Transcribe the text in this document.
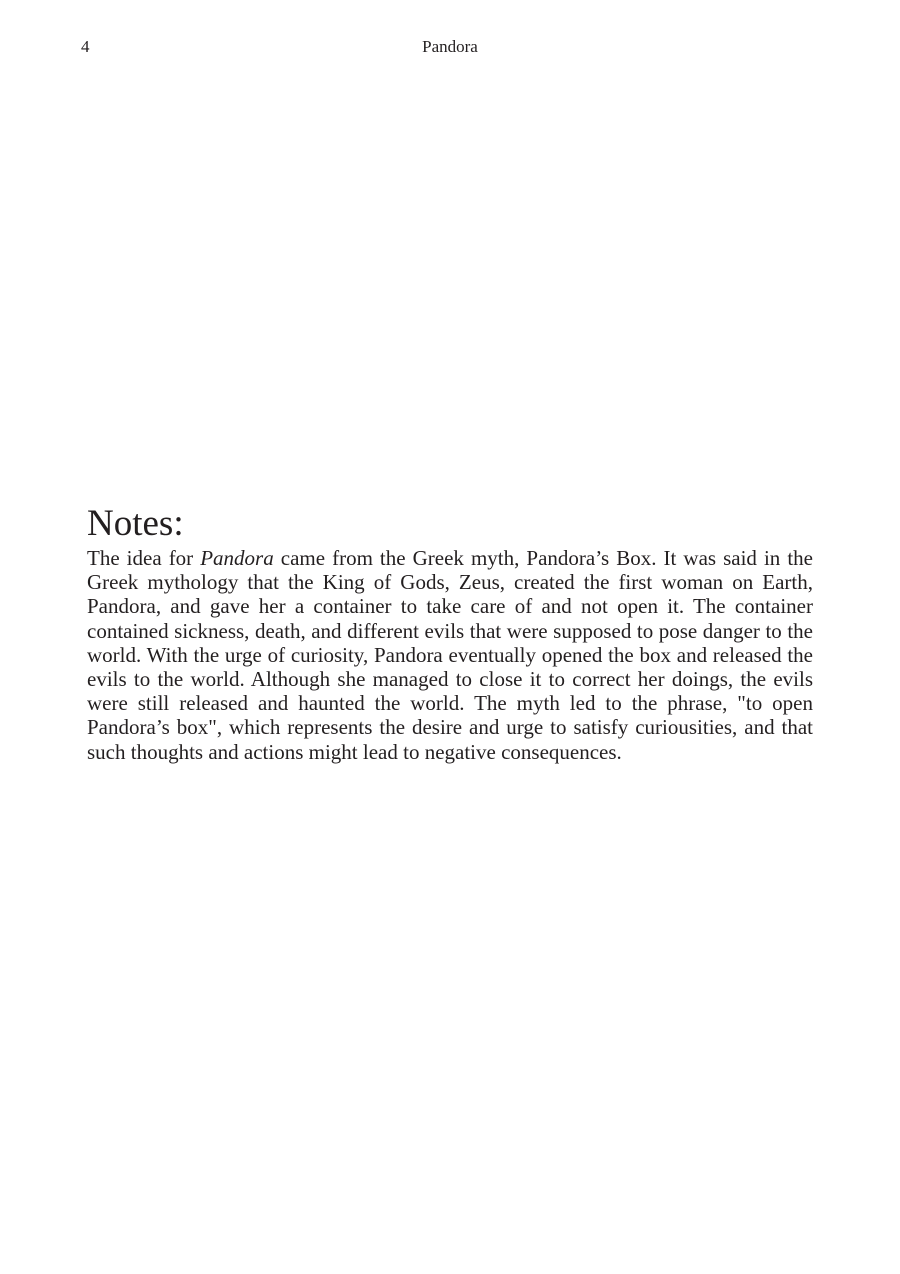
4	Pandora
Notes:

The idea for Pandora came from the Greek myth, Pandora’s Box. It was said in the Greek mythology that the King of Gods, Zeus, created the first woman on Earth, Pandora, and gave her a container to take care of and not open it. The container contained sickness, death, and different evils that were supposed to pose danger to the world. With the urge of curiosity, Pandora eventually opened the box and released the evils to the world. Although she managed to close it to correct her doings, the evils were still released and haunted the world. The myth led to the phrase, "to open Pandora’s box", which represents the desire and urge to satisfy curiousities, and that such thoughts and actions might lead to negative consequences.
